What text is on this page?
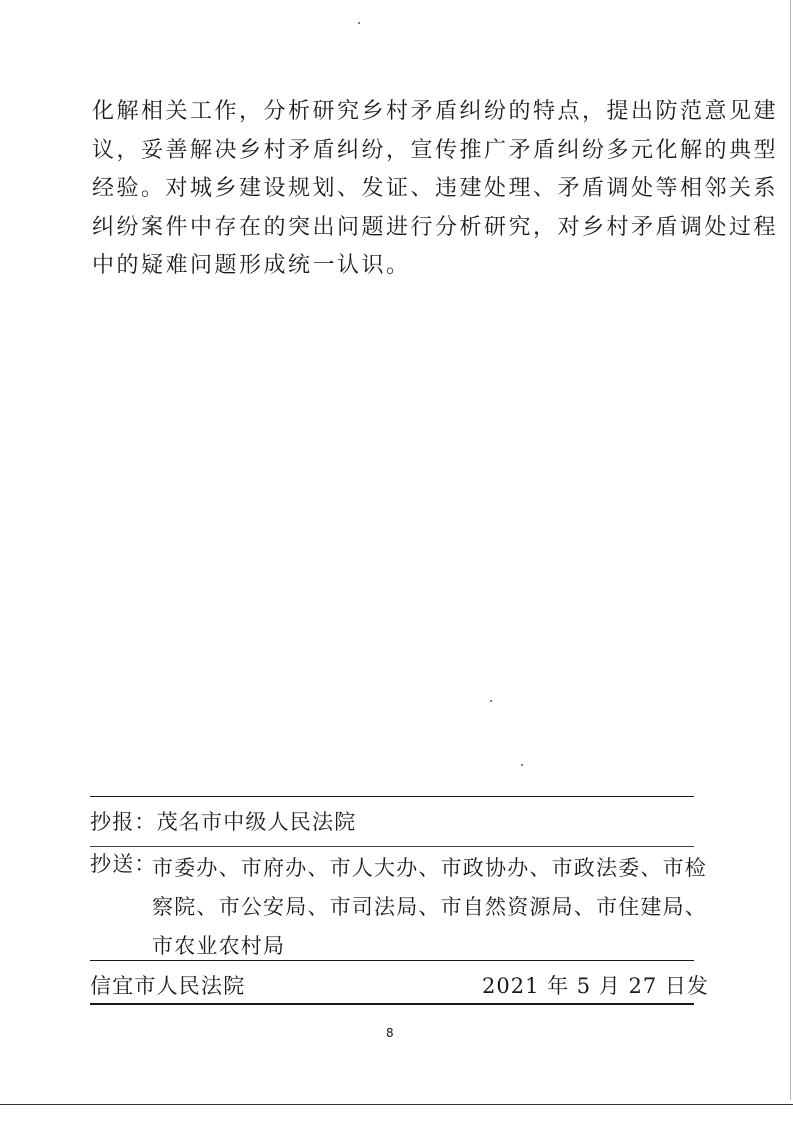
化解相关工作，分析研究乡村矛盾纠纷的特点，提出防范意见建
议，妥善解决乡村矛盾纠纷，宣传推广矛盾纠纷多元化解的典型
经验。对城乡建设规划、发证、违建处理、矛盾调处等相邻关系
纠纷案件中存在的突出问题进行分析研究，对乡村矛盾调处过程
中的疑难问题形成统一认识。
抄报：茂名市中级人民法院
抄送：
市委办、市府办、市人大办、市政协办、市政法委、市检
察院、市公安局、市司法局、市自然资源局、市住建局、
市农业农村局
信宜市人民法院	2021 年 5 月 27 日发
8
